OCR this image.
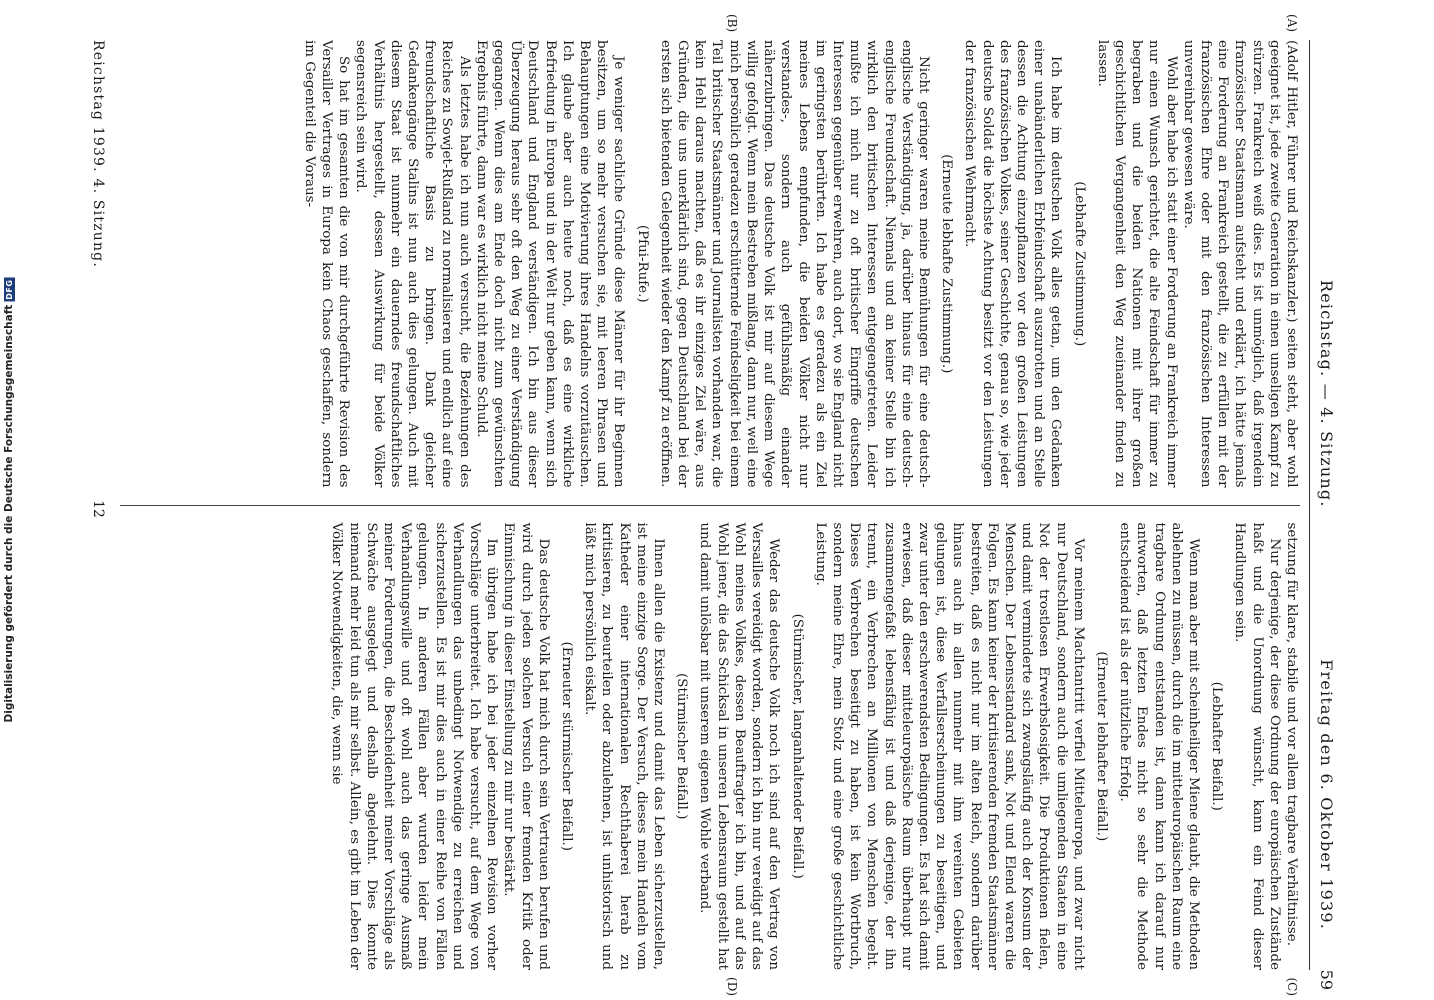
Digitalisierung gefördert durch die Deutsche Forschungsgemeinschaft
DFG	Reichstag. — 4. Sitzung.
Freitag den 6. Oktober 1939.
59
(A)
(B)

(Adolf Hitler, Führer und Reichskanzler.) seiten steht, aber wohl geeignet ist, jede zweite Generation in einen unseligen Kampf zu stürzen. Frankreich weiß dies. Es ist unmöglich, daß irgendein französischer Staatsmann aufsteht und erklärt, ich hätte jemals eine Forderung an Frankreich gestellt, die zu erfüllen mit der französischen Ehre oder mit den französischen Interessen unvereinbar gewesen wäre.

Wohl aber habe ich statt einer Forderung an Frankreich immer nur einen Wunsch gerichtet, die alte Feindschaft für immer zu begraben und die beiden Nationen mit ihrer großen geschichtlichen Vergangenheit den Weg zueinander finden zu lassen.

(Lebhafte Zustimmung.)

Ich habe im deutschen Volk alles getan, um den Gedanken einer unabänderlichen Erbfeindschaft auszurotten und an Stelle dessen die Achtung einzupflanzen vor den großen Leistungen des französischen Volkes, seiner Geschichte, genau so, wie jeder deutsche Soldat die höchste Achtung besitzt vor den Leistungen der französischen Wehrmacht.

(Erneute lebhafte Zustimmung.)

Nicht geringer waren meine Bemühungen für eine deutsch-englische Verständigung, ja, darüber hinaus für eine deutsch-englische Freundschaft. Niemals und an keiner Stelle bin ich wirklich den britischen Interessen entgegengetreten. Leider mußte ich mich nur zu oft britischer Eingriffe deutschen Interessen gegenüber erwehren, auch dort, wo sie England nicht im geringsten berührten. Ich habe es geradezu als ein Ziel meines Lebens empfunden, die beiden Völker nicht nur verstandes-, sondern auch gefühlsmäßig einander näherzubringen. Das deutsche Volk ist mir auf diesem Wege willig gefolgt. Wenn mein Bestreben mißlang, dann nur, weil eine mich persönlich geradezu erschütternde Feindseligkeit bei einem Teil britischer Staatsmänner und Journalisten vorhanden war, die kein Hehl daraus machten, daß es ihr einziges Ziel wäre, aus Gründen, die uns unerklärlich sind, gegen Deutschland bei der ersten sich bietenden Gelegenheit wieder den Kampf zu eröffnen.

(Pfui-Rufe.)

Je weniger sachliche Gründe diese Männer für ihr Beginnen besitzen, um so mehr versuchen sie, mit leeren Phrasen und Behauptungen eine Motivierung ihres Handelns vorzutäuschen. Ich glaube aber auch heute noch, daß es eine wirkliche Befriedung in Europa und in der Welt nur geben kann, wenn sich Deutschland und England verständigen. Ich bin aus dieser Überzeugung heraus sehr oft den Weg zu einer Verständigung gegangen. Wenn dies am Ende doch nicht zum gewünschten Ergebnis führte, dann war es wirklich nicht meine Schuld.

Als letztes habe ich nun auch versucht, die Beziehungen des Reiches zu Sowjet-Rußland zu normalisieren und endlich auf eine freundschaftliche Basis zu bringen. Dank gleicher Gedankengänge Stalins ist nun auch dies gelungen. Auch mit diesem Staat ist nunmehr ein dauerndes freundschaftliches Verhältnis hergestellt, dessen Auswirkung für beide Völker segensreich sein wird.

So hat im gesamten die von mir durchgeführte Revision des Versailler Vertrages in Europa kein Chaos geschaffen, sondern im Gegenteil die Voraus-

(C)
(D)

setzung für klare, stabile und vor allem tragbare Verhältnisse.

Nur derjenige, der diese Ordnung der europäischen Zustände haßt und die Unordnung wünscht, kann ein Feind dieser Handlungen sein.

(Lebhafter Beifall.)

Wenn man aber mit scheinheiliger Miene glaubt, die Methoden ablehnen zu müssen, durch die im mitteleuropäischen Raum eine tragbare Ordnung entstanden ist, dann kann ich darauf nur antworten, daß letzten Endes nicht so sehr die Methode entscheidend ist als der nützliche Erfolg.

(Erneuter lebhafter Beifall.)

Vor meinem Machtantritt verfiel Mitteleuropa, und zwar nicht nur Deutschland, sondern auch die umliegenden Staaten in eine Not der trostlosen Erwerbslosigkeit. Die Produktionen fielen, und damit verminderte sich zwangsläufig auch der Konsum der Menschen. Der Lebensstandard sank, Not und Elend waren die Folgen. Es kann keiner der kritisierenden fremden Staatsmänner bestreiten, daß es nicht nur im alten Reich, sondern darüber hinaus auch in allen nunmehr mit ihm vereinten Gebieten gelungen ist, diese Verfallserscheinungen zu beseitigen, und zwar unter den erschwerendsten Bedingungen. Es hat sich damit erwiesen, daß dieser mitteleuropäische Raum überhaupt nur zusammengefaßt lebensfähig ist und daß derjenige, der ihn trennt, ein Verbrechen an Millionen von Menschen begeht. Dieses Verbrechen beseitigt zu haben, ist kein Wortbruch, sondern meine Ehre, mein Stolz und eine große geschichtliche Leistung.

(Stürmischer, langanhaltender Beifall.)

Weder das deutsche Volk noch ich sind auf den Vertrag von Versailles vereidigt worden, sondern ich bin nur vereidigt auf das Wohl meines Volkes, dessen Beauftragter ich bin, und auf das Wohl jener, die das Schicksal in unseren Lebensraum gestellt hat und damit unlösbar mit unserem eigenen Wohle verband.

(Stürmischer Beifall.)

Ihnen allen die Existenz und damit das Leben sicherzustellen, ist meine einzige Sorge. Der Versuch, dieses mein Handeln vom Katheder einer internationalen Rechthaberei herab zu kritisieren, zu beurteilen oder abzulehnen, ist unhistorisch und läßt mich persönlich eiskalt.

(Erneuter stürmischer Beifall.)

Das deutsche Volk hat mich durch sein Vertrauen berufen und wird durch jeden solchen Versuch einer fremden Kritik oder Einmischung in dieser Einstellung zu mir nur bestärkt.

Im übrigen habe ich bei jeder einzelnen Revision vorher Vorschläge unterbreitet. Ich habe versucht, auf dem Wege von Verhandlungen das unbedingt Notwendige zu erreichen und sicherzustellen. Es ist mir dies auch in einer Reihe von Fällen gelungen. In anderen Fällen aber wurden leider mein Verhandlungswille und oft wohl auch das geringe Ausmaß meiner Forderungen, die Bescheidenheit meiner Vorschläge als Schwäche ausgelegt und deshalb abgelehnt. Dies konnte niemand mehr leid tun als mir selbst. Allein, es gibt im Leben der Völker Notwendigkeiten, die, wenn sie

Reichstag 1939. 4. Sitzung.
12
